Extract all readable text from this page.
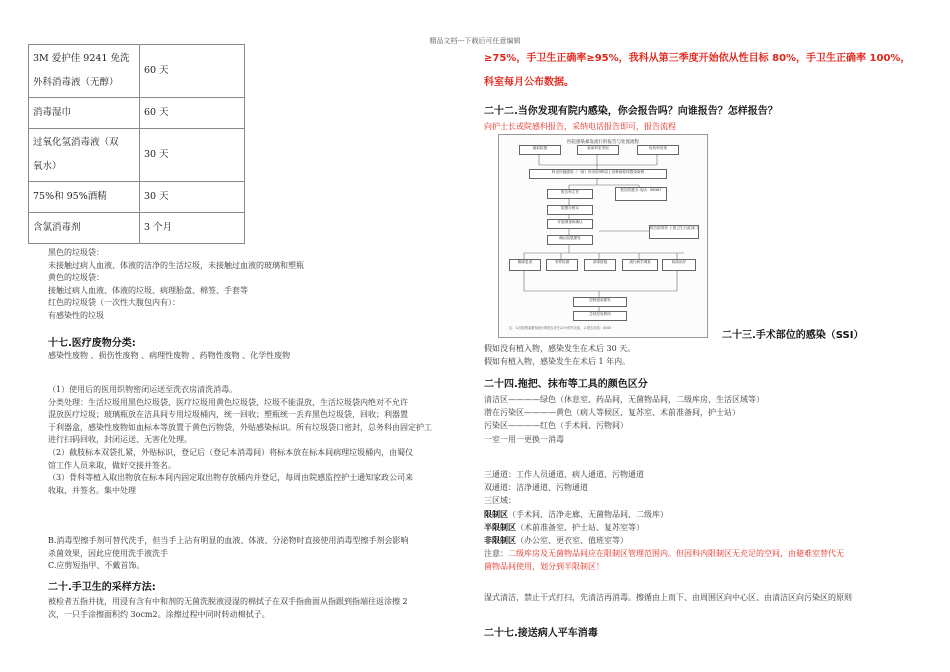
精品文档---下载后可任意编辑
3M 爱护佳 9241 免洗
外科消毒液（无醇）	60 天

消毒湿巾	60 天

过氧化氢消毒液（双
氧水）	30 天

75%和 95%酒精	30 天

含氯消毒剂	3 个月
黑色的垃圾袋：
未接触过病人血液、体液的洁净的生活垃圾，未接触过血液的玻璃和塑瓶
黄色的垃圾袋：
接触过病人血液、体液的垃圾、病理胎盘、棉签、手套等
红色的垃圾袋（一次性大腹包内有）：
有感染性的垃圾
十七.医疗废物分类:
感染性废物 、损伤性废物 、病理性废物 、药物性废物 、化学性废物
（1）使用后的医用织物密闭运送至洗衣房清洗消毒。
分类处理：生活垃圾用黑色垃圾袋，医疗垃圾用黄色垃圾袋，垃圾不能混放，生活垃圾袋内绝对不允许
混放医疗垃圾；玻璃瓶放在洁具间专用垃圾桶内，统一回收；塑瓶统一丢弃黑色垃圾袋，回收；利器置
于利器盒，感染性废物如血标本等放置于黄色污物袋，外贴感染标识。所有垃圾袋口密封，总务科由固定护工
进行扫码回收，封闭运送、无害化处理。
（2）截肢标本双袋扎紧，外贴标识，登记后（登记本消毒间）将标本放在标本间病理垃圾桶内，由蜀仪
馆工作人员来取，做好交接并签名。
（3）骨科等植入取出物放在标本间内固定取出物存放桶内并登记，每周由院感监控护士通知家政公司来
收取，并签名。集中处理
B.消毒型擦手剂可替代洗手，但当手上沾有明显的血液、体液、分泌物时直接使用消毒型擦手剂会影响
杀菌效果，因此应使用洗手液洗手
C.应剪短指甲、不戴首饰。
二十.手卫生的采样方法:
被检者五指并拢，用浸有含有中和剂的无菌洗脱液浸湿的棉拭子在双手指曲面从指跟到指端往返涂擦 2
次，一只手涂擦面积约 3ocm2。涂擦过程中同时转动棉拭子。
≥75%，手卫生正确率≥95%，我科从第三季度开始依从性目标 80%，手卫生正确率 100%，
科室每月公布数据。
二十二.当你发现有院内感染，你会报告吗？向谁报告？怎样报告？
向护士长或院感科报告，采纳电话报告即可，报告流程
医院感染暴发流行的报告与处置流程
疑似院感	临床科室发现	检验科发现
科室怀疑感染（一周）内出现3例以上同种病原体感染病例
报告科主任	报告院感办 电话：66387
院感办核实
开展调查和确认
确认院感暴发
报告院领导 上报卫生行政部门
隔离患者	采样检测	消毒措施	流行病学调查	临床治疗
控制感染暴发
总结经验教训
注：1.医院感染暴发流行的报告应在12小时内完成。 2.报告电话：0000
二十三.手术部位的感染（SSI）
假如没有植入物，感染发生在术后 30 天。
假如有植入物，感染发生在术后 1 年内。
二十四.拖把、抹布等工具的颜色区分
清洁区————绿色（休息室、药品间，无菌物品间，二级库房，生活区域等）
潜在污染区————黄色（病人等候区、复苏室、术前准备间，护士站）
污染区————红色（手术间、污物间）
一室一用一更换一消毒
三通道：工作人员通道、病人通道、污物通道
双通道：洁净通道、污物通道
三区域：
限制区（手术间、洁净走廊、无菌物品间、二级库）
半限制区（术前准备室、护士站、复苏室等）
非限制区（办公室、更衣室、值班室等）
注意：二级库房及无菌物品间应在限制区管理范围内。但因科内限制区无充足的空间，由避难室替代无
菌物品间使用，划分到半限制区！
湿式清洁，禁止干式打扫，先清洁再消毒。擦循由上而下、由周围区向中心区、由清洁区向污染区的原则
二十七.接送病人平车消毒
